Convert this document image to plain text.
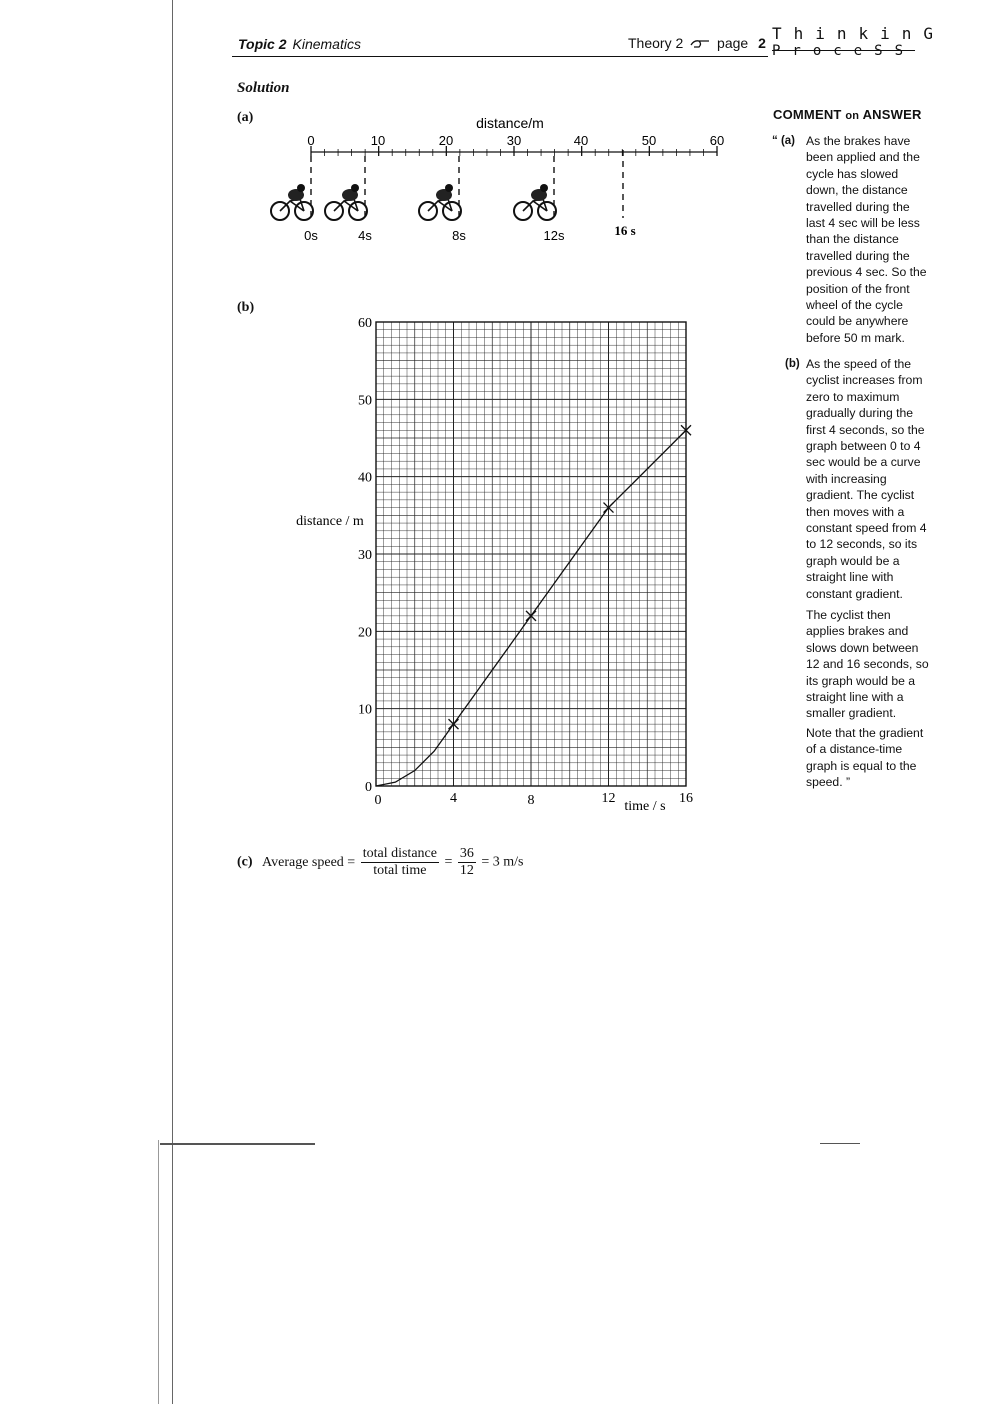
Topic 2 Kinematics	Theory 2 page 2 ThinkinG
ProceSS
Solution
(a)
(b)
distance/m
0	10	20	30	40	50	60
0s	4s	8s	12s	16 s
0
10
20
30
40
50
60
0	4	8	12	16
distance / m
time / s
COMMENT on ANSWER
“ (a) As the brakes have been applied and the cycle has slowed down, the distance travelled during the last 4 sec will be less than the distance travelled during the previous 4 sec. So the position of the front wheel of the cycle could be anywhere before 50 m mark.
(b) As the speed of the cyclist increases from zero to maximum gradually during the first 4 seconds, so the graph between 0 to 4 sec would be a curve with increasing gradient. The cyclist then moves with a constant speed from 4 to 12 seconds, so its graph would be a straight line with constant gradient.
The cyclist then applies brakes and slows down between 12 and 16 seconds, so its graph would be a straight line with a smaller gradient.
Note that the gradient of a distance-time graph is equal to the speed. ”
(c) Average speed = $\frac{\text{total distance}}{\text{total time}} = \frac{36}{12} = 3$ m/s
